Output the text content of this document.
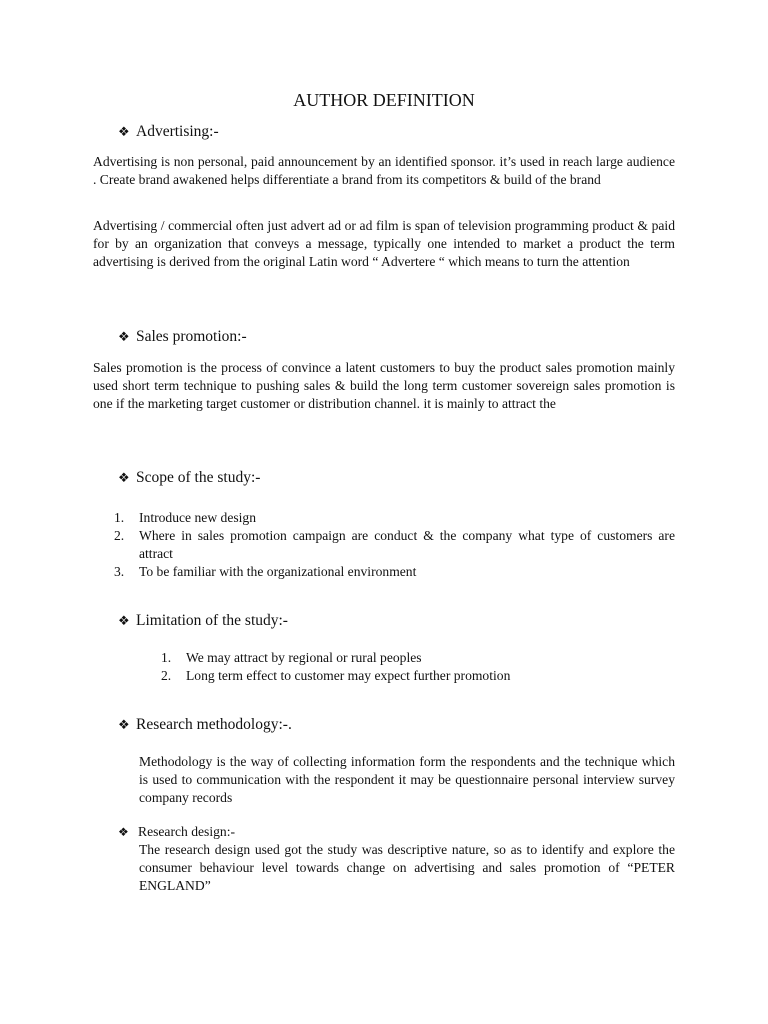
AUTHOR DEFINITION
❖ Advertising:-
Advertising is non personal, paid announcement by an identified sponsor. it’s used in reach large audience . Create brand awakened helps differentiate a brand from its competitors & build of the brand
Advertising / commercial often just advert ad or ad film is span of television programming product & paid for by an organization that conveys a message, typically one intended to market a product the term advertising is derived from the original Latin word “ Advertere “ which means to turn the attention
❖ Sales promotion:-
Sales promotion is the process of convince a latent customers to buy the product sales promotion mainly used short term technique to pushing sales & build the long term customer sovereign sales promotion is one if the marketing target customer or distribution channel. it is mainly to attract the
❖ Scope of the study:-
1. Introduce new design
2. Where in sales promotion campaign are conduct & the company what type of customers are attract
3. To be familiar with the organizational environment
❖ Limitation of the study:-
1. We may attract by regional or rural peoples
2. Long term effect to customer may expect further promotion
❖ Research methodology:-.
Methodology is the way of collecting information form the respondents and the technique which is used to communication with the respondent it may be questionnaire personal interview survey company records
❖ Research design:-
The research design used got the study was descriptive nature, so as to identify and explore the consumer behaviour level towards change on advertising and sales promotion of “PETER ENGLAND”
